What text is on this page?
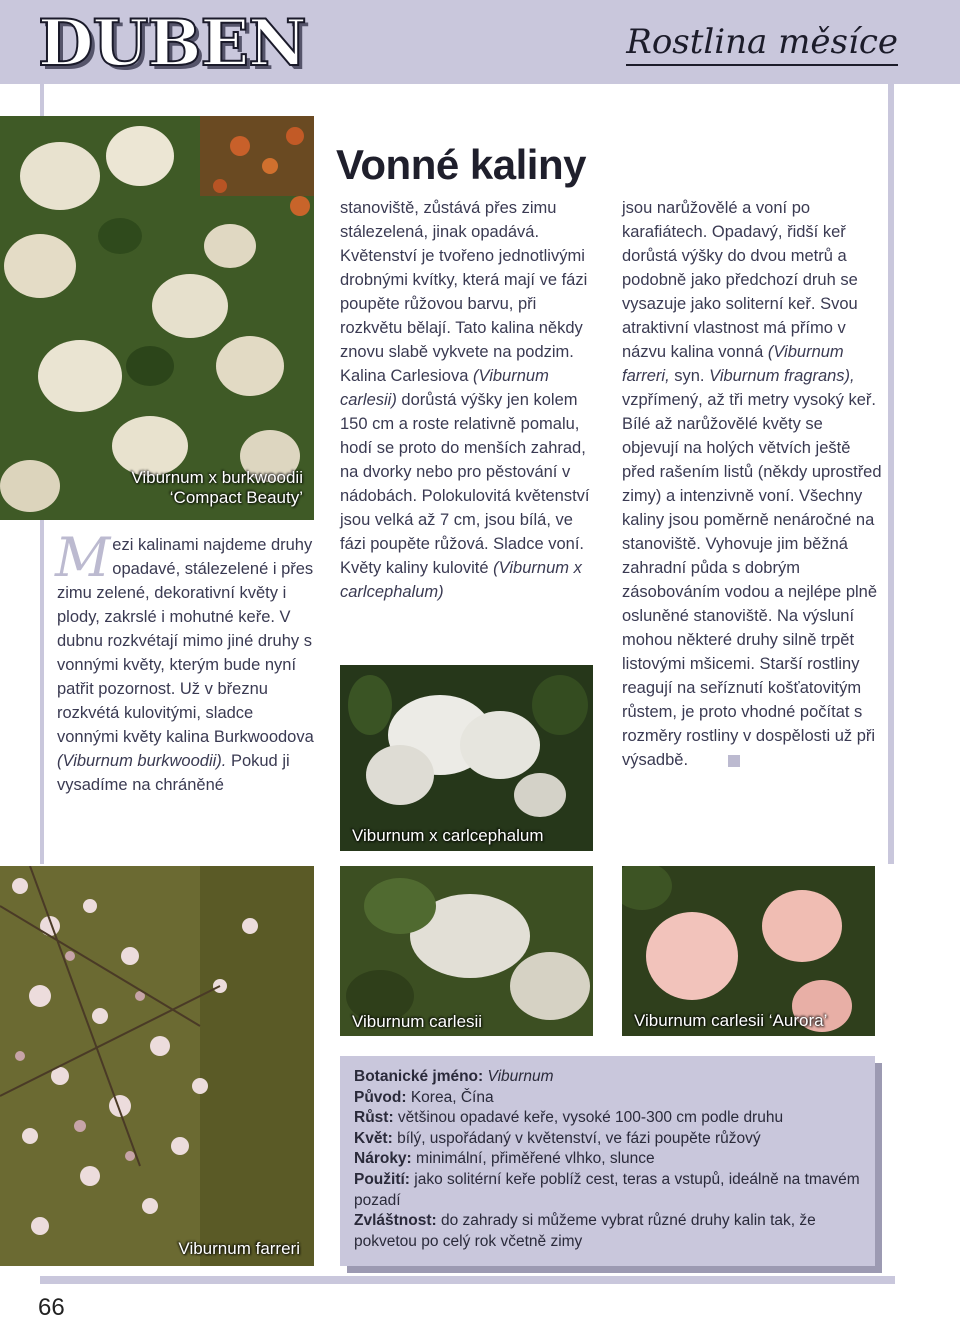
DUBEN	Rostlina měsíce
Viburnum x burkwoodii
‘Compact Beauty’
Vonné kaliny

Mezi kalinami najdeme druhy opadavé, stálezelené i přes zimu zelené, dekorativní květy i plody, zakrslé i mohutné keře. V dubnu rozkvétají mimo jiné druhy s vonnými květy, kterým bude nyní patřit pozornost. Už v březnu rozkvétá kulovitými, sladce vonnými květy kalina Burkwoodova (Viburnum burkwoodii). Pokud ji vysadíme na chráněné

stanoviště, zůstává přes zimu stálezelená, jinak opadává. Květenství je tvořeno jednotlivými drobnými kvítky, která mají ve fázi poupěte růžovou barvu, při rozkvětu bělají. Tato kalina někdy znovu slabě vykvete na podzim. Kalina Carlesiova (Viburnum carlesii) dorůstá výšky jen kolem 150 cm a roste relativně pomalu, hodí se proto do menších zahrad, na dvorky nebo pro pěstování v nádobách. Polokulovitá květenství jsou velká až 7 cm, jsou bílá, ve fázi poupěte růžová. Sladce voní. Květy kaliny kulovité (Viburnum x carlcephalum)

jsou narůžovělé a voní po karafiátech. Opadavý, řidší keř dorůstá výšky do dvou metrů a podobně jako předchozí druh se vysazuje jako soliterní keř. Svou atraktivní vlastnost má přímo v názvu kalina vonná (Viburnum farreri, syn. Viburnum fragrans), vzpřímený, až tři metry vysoký keř. Bílé až narůžovělé květy se objevují na holých větvích ještě před rašením listů (někdy uprostřed zimy) a intenzivně voní. Všechny kaliny jsou poměrně nenáročné na stanoviště. Vyhovuje jim běžná zahradní půda s dobrým zásobováním vodou a nejlépe plně osluněné stanoviště. Na výsluní mohou některé druhy silně trpět listovými mšicemi. Starší rostliny reagují na seříznutí košťatovitým růstem, je proto vhodné počítat s rozměry rostliny v dospělosti už při výsadbě.

Viburnum x carlcephalum
Viburnum farreri
Viburnum carlesii	Viburnum carlesii ‘Aurora’

Botanické jméno: Viburnum

Původ: Korea, Čína

Růst: většinou opadavé keře, vysoké 100-300 cm podle druhu

Květ: bílý, uspořádaný v květenství, ve fázi poupěte růžový

Nároky: minimální, přiměřené vlhko, slunce

Použití: jako solitérní keře poblíž cest, teras a vstupů, ideálně na tmavém pozadí

Zvláštnost: do zahrady si můžeme vybrat různé druhy kalin tak, že pokvetou po celý rok včetně zimy

66
